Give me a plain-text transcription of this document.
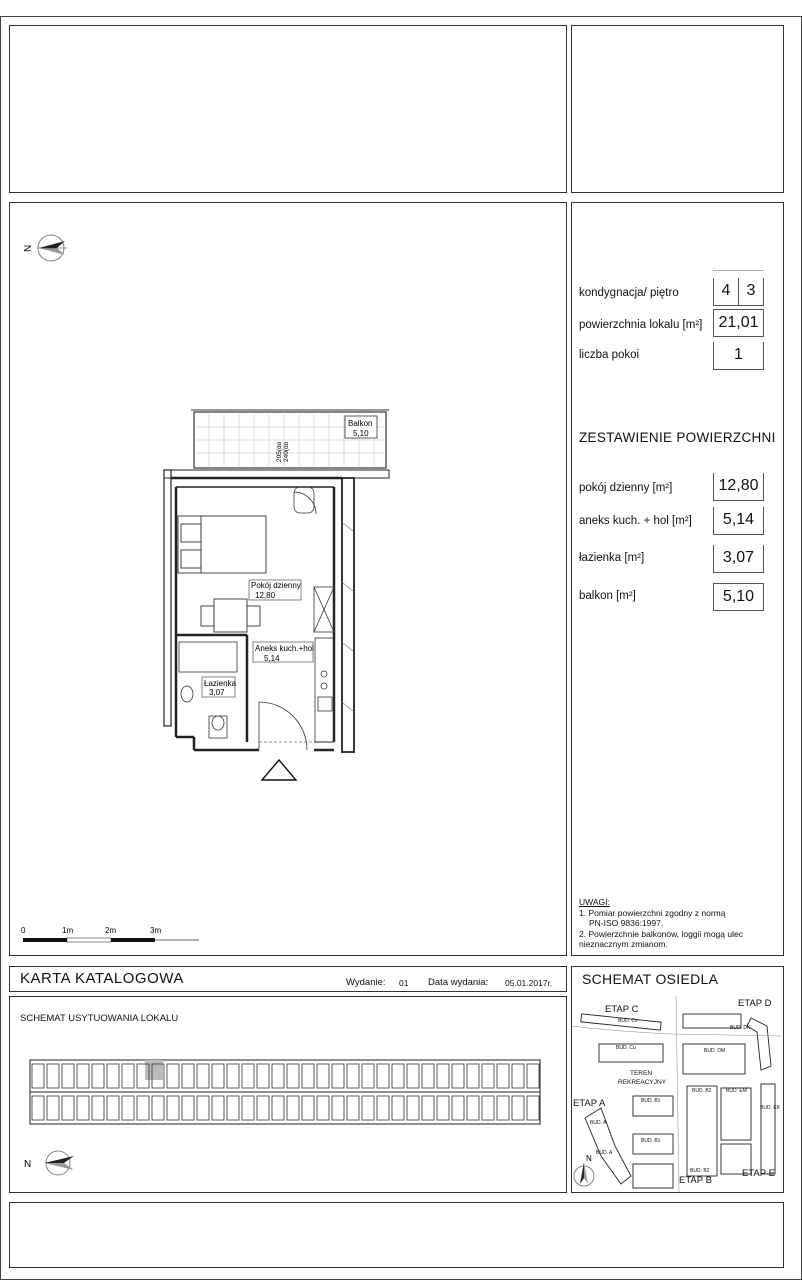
kondygnacja/ piętro	4	3
powierzchnia lokalu [m²]	21,01
liczba pokoi	1
ZESTAWIENIE POWIERZCHNI
pokój dzienny [m²]	12,80
aneks kuch. + hol [m²]	5,14
łazienka [m²]	3,07
balkon [m²]	5,10
UWAGI:
1. Pomiar powierzchni zgodny z normą
PN-ISO 9836:1997.
2. Powierzchnie balkonów, loggii mogą ulec
nieznacznym zmianom.
N
Balkon
5,10
205(do 240(do
Pokój dzienny
12,80
Aneks kuch.+hol
5,14
Łazienka
3,07
0	1m	2m	3m
KARTA KATALOGOWA	Wydanie: 01 Data wydania: 05.01.2017r.
SCHEMAT USYTUOWANIA LOKALU
N
SCHEMAT OSIEDLA
ETAP C
ETAP D
ETAP A
ETAP B
ETAP E
BUD. Cs
BUD. Cu
BUD. DK
BUD. DM
BUD. B2	BUD. EM
BUD. EK
BUD. B1
BUD. B1
BUD. B2
BUD. A
BUD. A
TEREN
REKREACYJNY
N
